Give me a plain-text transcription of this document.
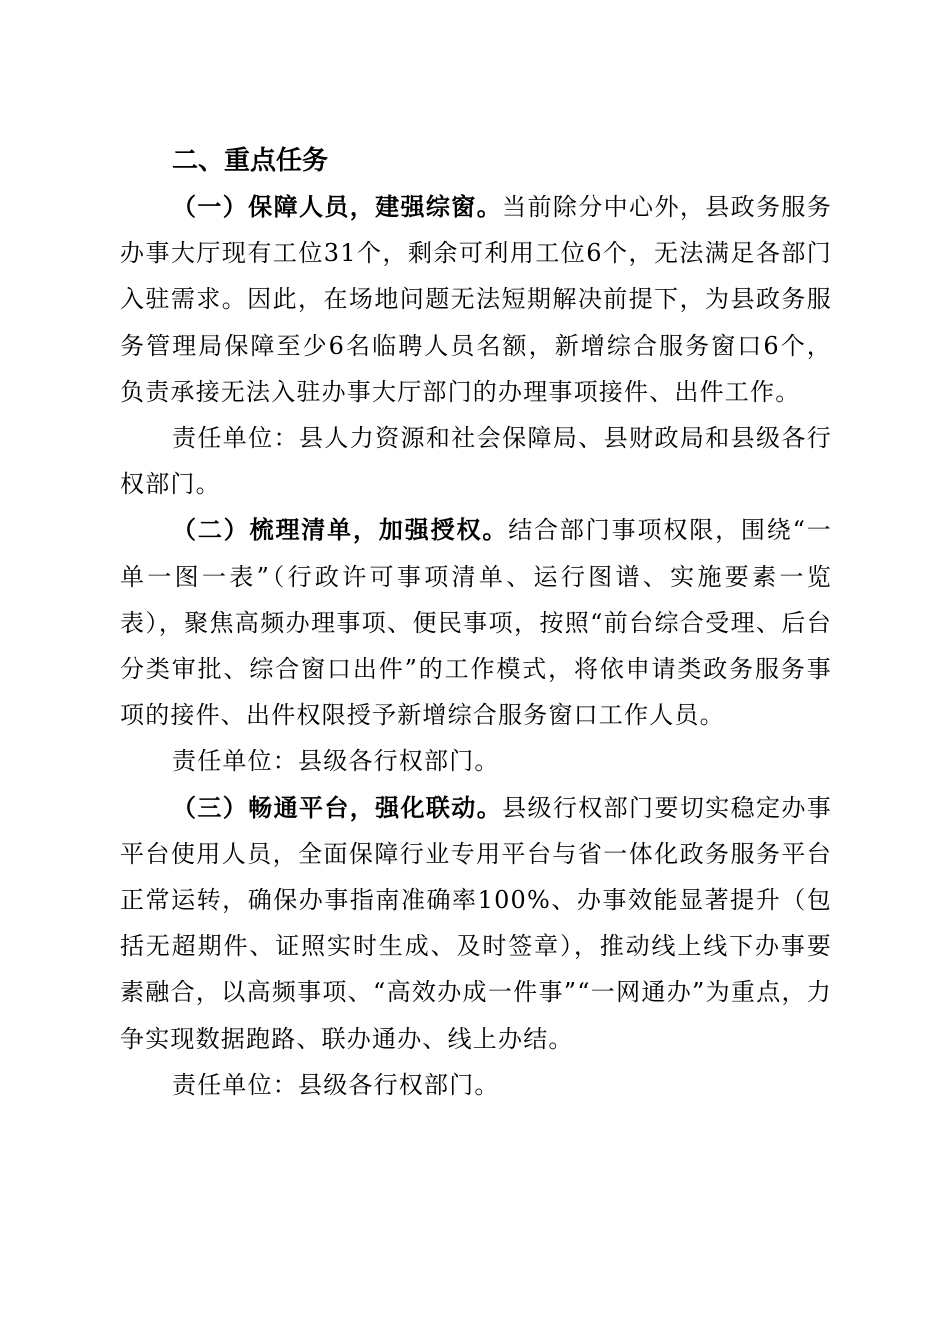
二、重点任务

（一）保障人员，建强综窗。当前除分中心外，县政务服务办事大厅现有工位31个，剩余可利用工位6个，无法满足各部门入驻需求。因此，在场地问题无法短期解决前提下，为县政务服务管理局保障至少6名临聘人员名额，新增综合服务窗口6个，负责承接无法入驻办事大厅部门的办理事项接件、出件工作。

责任单位：县人力资源和社会保障局、县财政局和县级各行权部门。

（二）梳理清单，加强授权。结合部门事项权限，围绕“一单一图一表”（行政许可事项清单、运行图谱、实施要素一览表），聚焦高频办理事项、便民事项，按照“前台综合受理、后台分类审批、综合窗口出件”的工作模式，将依申请类政务服务事项的接件、出件权限授予新增综合服务窗口工作人员。

责任单位：县级各行权部门。

（三）畅通平台，强化联动。县级行权部门要切实稳定办事平台使用人员，全面保障行业专用平台与省一体化政务服务平台正常运转，确保办事指南准确率100%、办事效能显著提升（包括无超期件、证照实时生成、及时签章），推动线上线下办事要素融合，以高频事项、“高效办成一件事”“一网通办”为重点，力争实现数据跑路、联办通办、线上办结。

责任单位：县级各行权部门。
